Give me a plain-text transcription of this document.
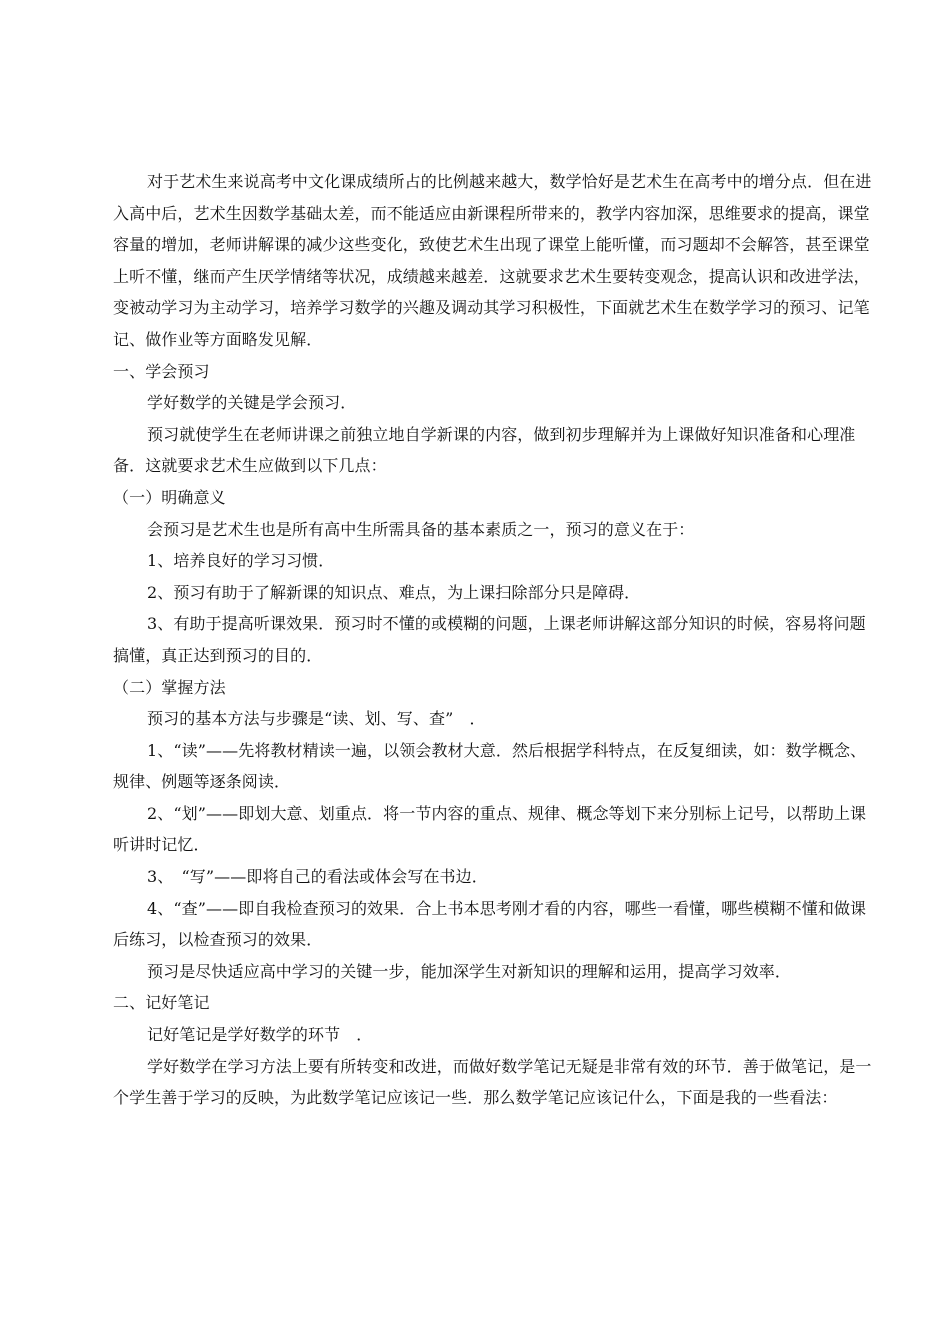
对于艺术生来说高考中文化课成绩所占的比例越来越大，数学恰好是艺术生在高考中的增分点．但在进入高中后，艺术生因数学基础太差，而不能适应由新课程所带来的，教学内容加深，思维要求的提高，课堂容量的增加，老师讲解课的减少这些变化，致使艺术生出现了课堂上能听懂，而习题却不会解答，甚至课堂上听不懂，继而产生厌学情绪等状况，成绩越来越差．这就要求艺术生要转变观念，提高认识和改进学法，变被动学习为主动学习，培养学习数学的兴趣及调动其学习积极性，下面就艺术生在数学学习的预习、记笔记、做作业等方面略发见解．

一、学会预习

学好数学的关键是学会预习．

预习就使学生在老师讲课之前独立地自学新课的内容，做到初步理解并为上课做好知识准备和心理准备．这就要求艺术生应做到以下几点：

（一）明确意义

会预习是艺术生也是所有高中生所需具备的基本素质之一，预习的意义在于：

1、培养良好的学习习惯．

2、预习有助于了解新课的知识点、难点，为上课扫除部分只是障碍．

3、有助于提高听课效果．预习时不懂的或模糊的问题，上课老师讲解这部分知识的时候，容易将问题搞懂，真正达到预习的目的．

（二）掌握方法

预习的基本方法与步骤是“读、划、写、查”　．

1、“读”——先将教材精读一遍，以领会教材大意．然后根据学科特点，在反复细读，如：数学概念、规律、例题等逐条阅读．

2、“划”——即划大意、划重点．将一节内容的重点、规律、概念等划下来分别标上记号，以帮助上课听讲时记忆．

3、　“写”——即将自己的看法或体会写在书边．

4、“查”——即自我检查预习的效果．合上书本思考刚才看的内容，哪些一看懂，哪些模糊不懂和做课后练习，以检查预习的效果．

预习是尽快适应高中学习的关键一步，能加深学生对新知识的理解和运用，提高学习效率．

二、记好笔记

记好笔记是学好数学的环节　．

学好数学在学习方法上要有所转变和改进，而做好数学笔记无疑是非常有效的环节．善于做笔记，是一个学生善于学习的反映，为此数学笔记应该记一些．那么数学笔记应该记什么，下面是我的一些看法：
